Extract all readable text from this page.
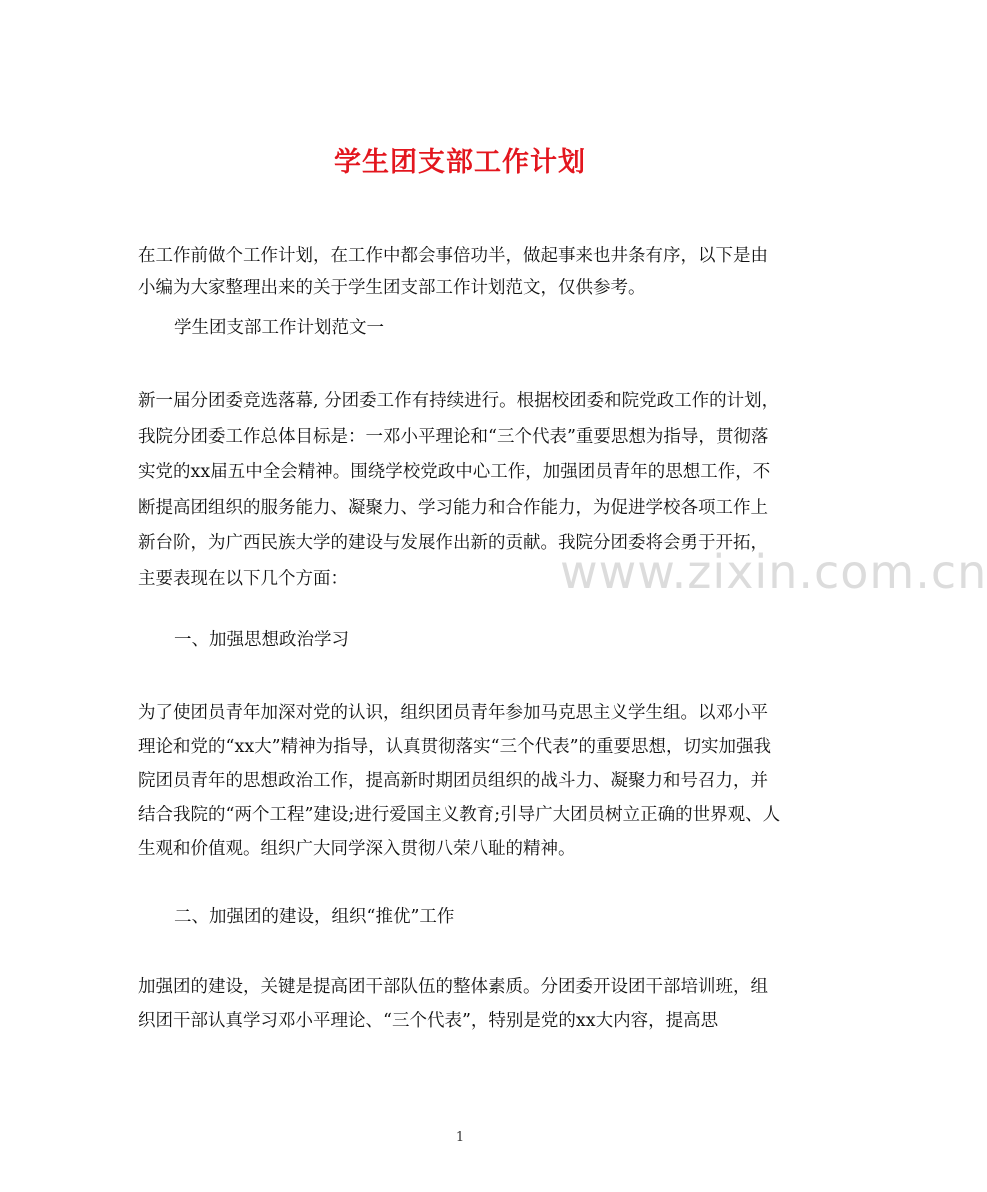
www.zixin.com.cn
学生团支部工作计划

在工作前做个工作计划，在工作中都会事倍功半，做起事来也井条有序，以下是由小编为大家整理出来的关于学生团支部工作计划范文，仅供参考。

学生团支部工作计划范文一

新一届分团委竞选落幕, 分团委工作有持续进行。根据校团委和院党政工作的计划，我院分团委工作总体目标是：一邓小平理论和“三个代表”重要思想为指导，贯彻落实党的xx届五中全会精神。围绕学校党政中心工作，加强团员青年的思想工作，不断提高团组织的服务能力、凝聚力、学习能力和合作能力，为促进学校各项工作上新台阶，为广西民族大学的建设与发展作出新的贡献。我院分团委将会勇于开拓，主要表现在以下几个方面：

一、加强思想政治学习

为了使团员青年加深对党的认识，组织团员青年参加马克思主义学生组。以邓小平理论和党的“xx大”精神为指导，认真贯彻落实“三个代表”的重要思想，切实加强我院团员青年的思想政治工作，提高新时期团员组织的战斗力、凝聚力和号召力，并结合我院的“两个工程”建设;进行爱国主义教育;引导广大团员树立正确的世界观、人生观和价值观。组织广大同学深入贯彻八荣八耻的精神。

二、加强团的建设，组织“推优”工作

加强团的建设，关键是提高团干部队伍的整体素质。分团委开设团干部培训班，组织团干部认真学习邓小平理论、“三个代表”，特别是党的xx大内容，提高思

1
